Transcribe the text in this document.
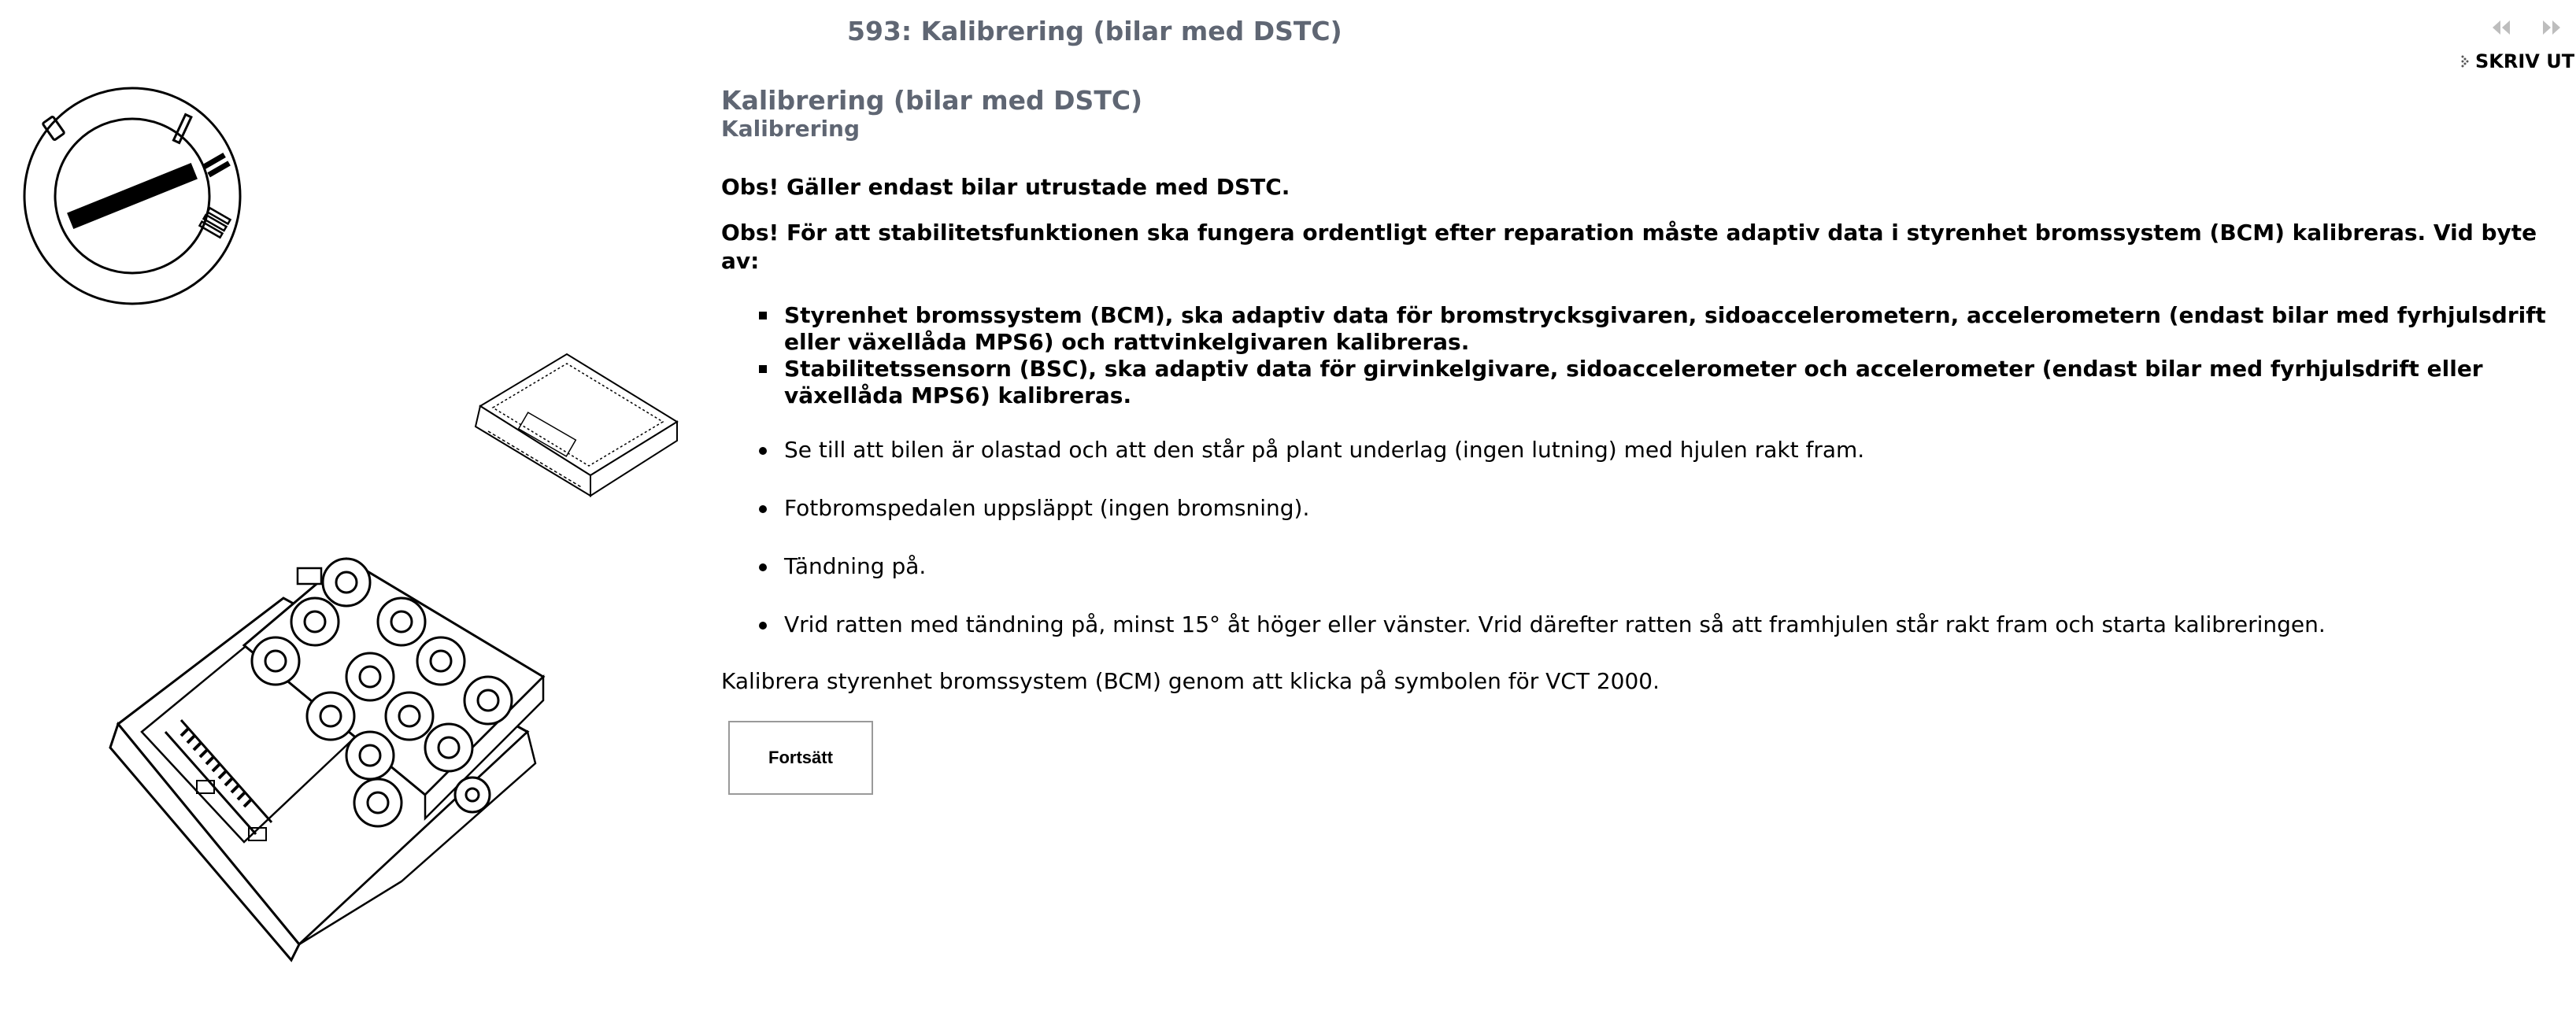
593: Kalibrering (bilar med DSTC)
SKRIV UT
Kalibrering (bilar med DSTC)
Kalibrering

Obs! Gäller endast bilar utrustade med DSTC.

Obs! För att stabilitetsfunktionen ska fungera ordentligt efter reparation måste adaptiv data i styrenhet bromssystem (BCM) kalibreras. Vid byte av:

Styrenhet bromssystem (BCM), ska adaptiv data för bromstrycksgivaren, sidoaccelerometern, accelerometern (endast bilar med fyrhjulsdrift eller växellåda MPS6) och rattvinkelgivaren kalibreras.
Stabilitetssensorn (BSC), ska adaptiv data för girvinkelgivare, sidoaccelerometer och accelerometer (endast bilar med fyrhjulsdrift eller växellåda MPS6) kalibreras.
Se till att bilen är olastad och att den står på plant underlag (ingen lutning) med hjulen rakt fram.
Fotbromspedalen uppsläppt (ingen bromsning).
Tändning på.
Vrid ratten med tändning på, minst 15° åt höger eller vänster. Vrid därefter ratten så att framhjulen står rakt fram och starta kalibreringen.

Kalibrera styrenhet bromssystem (BCM) genom att klicka på symbolen för VCT 2000.

Fortsätt
